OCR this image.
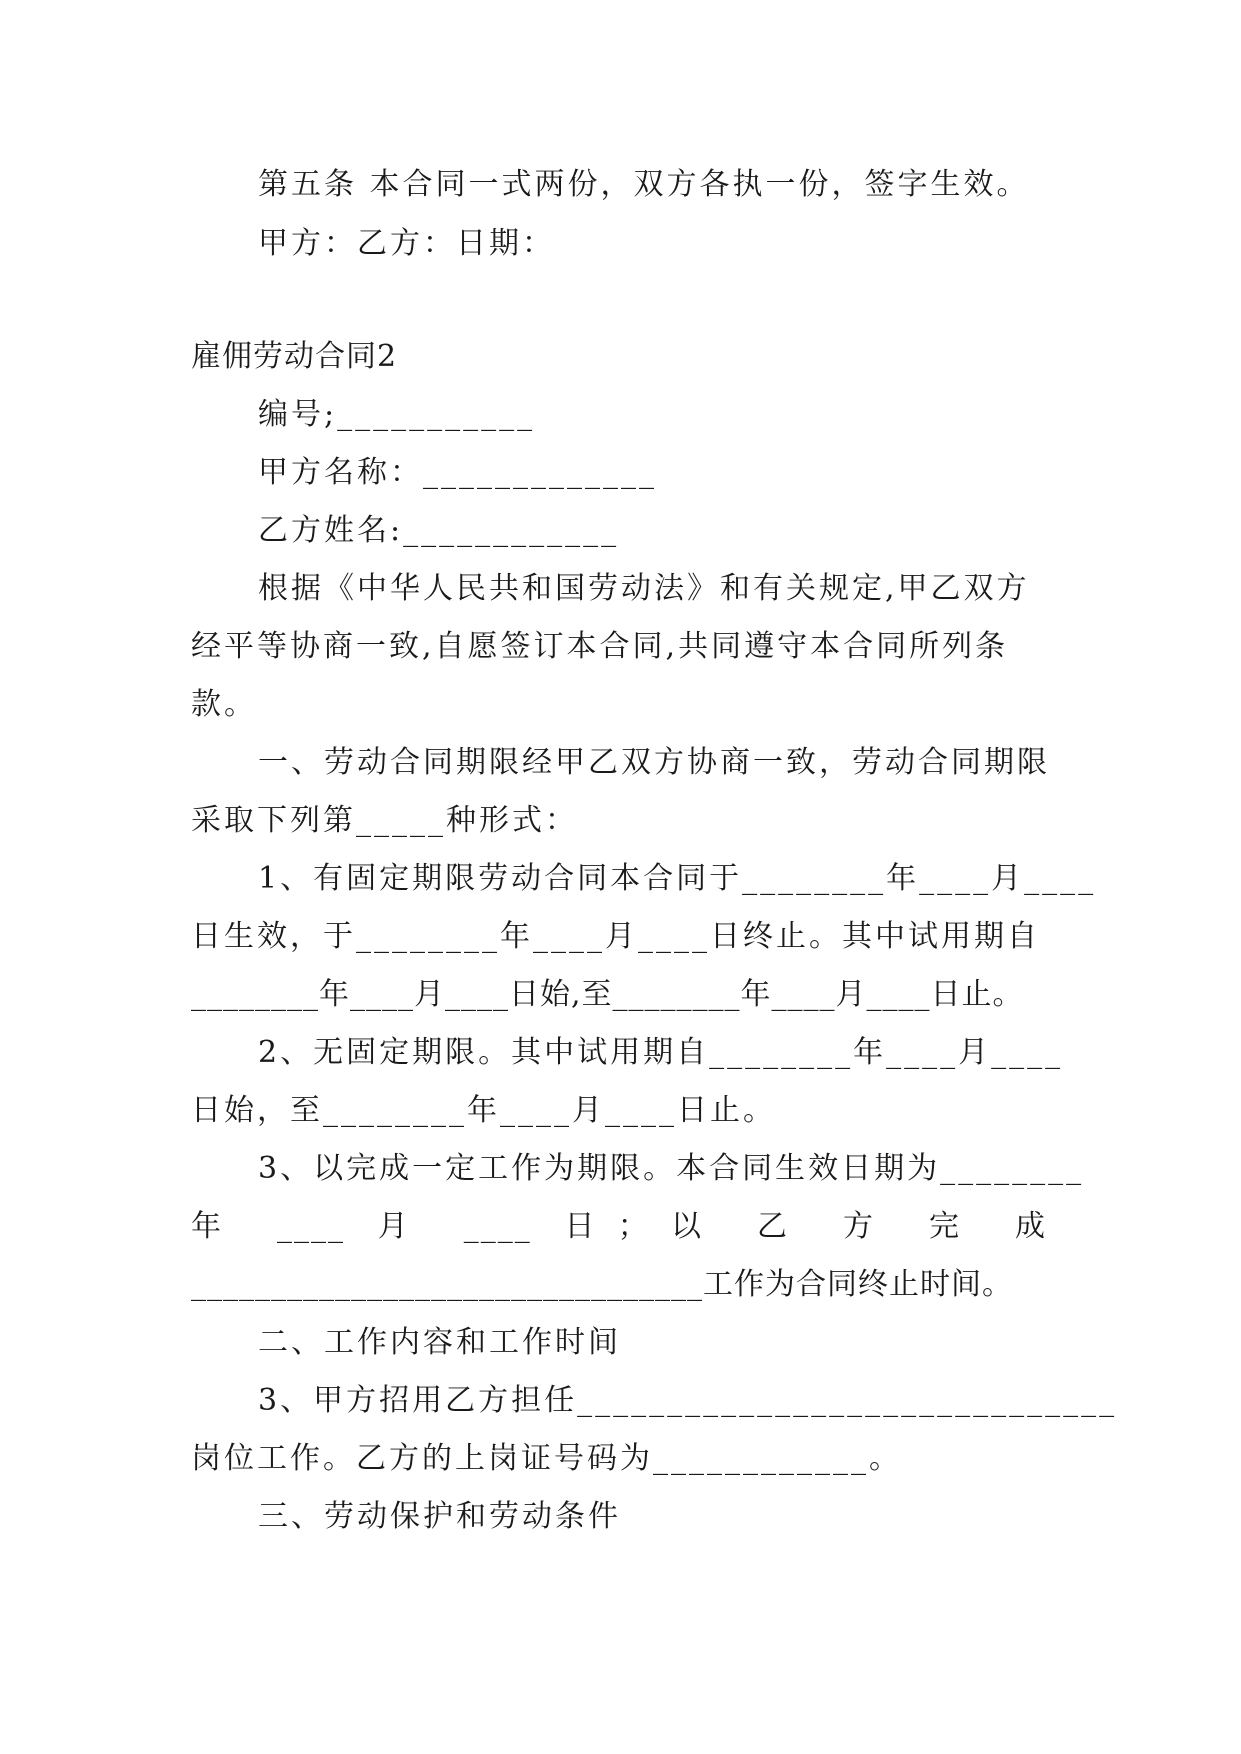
第五条 本合同一式两份，双方各执一份，签字生效。
甲方：乙方：日期：
雇佣劳动合同2
编号;___________
甲方名称：_____________
乙方姓名:____________
根据《中华人民共和国劳动法》和有关规定,甲乙双方
经平等协商一致,自愿签订本合同,共同遵守本合同所列条
款。
一、劳动合同期限经甲乙双方协商一致，劳动合同期限
采取下列第_____种形式：
1、有固定期限劳动合同本合同于________年____月____
日生效，于________年____月____日终止。其中试用期自
________年____月____日始,至________年____月____日止。
2、无固定期限。其中试用期自________年____月____
日始，至________年____月____日止。
3、以完成一定工作为期限。本合同生效日期为________
年 ____ 月 ____ 日；以 乙 方 完 成
________________________________工作为合同终止时间。
二、工作内容和工作时间
3、甲方招用乙方担任______________________________
岗位工作。乙方的上岗证号码为____________。
三、劳动保护和劳动条件
